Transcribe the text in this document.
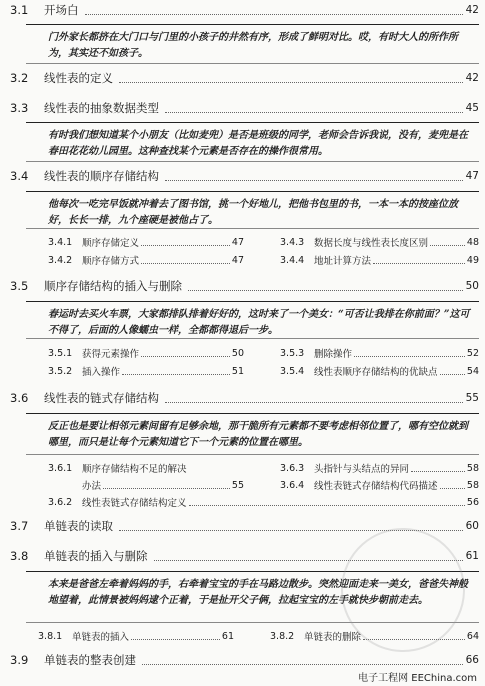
3.1	开场白	42
门外家长都挤在大门口与门里的小孩子的井然有序，形成了鲜明对比。哎，有时大人的所作所为，其实还不如孩子。
3.2	线性表的定义	42
3.3	线性表的抽象数据类型	45
有时我们想知道某个小朋友（比如麦兜）是否是班级的同学，老师会告诉我说，没有，麦兜是在春田花花幼儿园里。这种查找某个元素是否存在的操作很常用。
3.4	线性表的顺序存储结构	47
他每次一吃完早饭就冲着去了图书馆，挑一个好地儿，把他书包里的书，一本一本的按座位放好，长长一排，九个座硬是被他占了。
3.4.1	顺序存储定义	47	3.4.3	数据长度与线性表长度区别	48
3.4.2	顺序存储方式	47	3.4.4	地址计算方法	49
3.5	顺序存储结构的插入与删除	50
春运时去买火车票，大家都排队排着好好的，这时来了一个美女：“可否让我排在你前面？”这可不得了，后面的人像蠕虫一样，全都都得退后一步。
3.5.1	获得元素操作	50	3.5.3	删除操作	52
3.5.2	插入操作	51	3.5.4	线性表顺序存储结构的优缺点	54
3.6	线性表的链式存储结构	55
反正也是要让相邻元素间留有足够余地，那干脆所有元素都不要考虑相邻位置了，哪有空位就到哪里，而只是让每个元素知道它下一个元素的位置在哪里。
3.6.1	顺序存储结构不足的解决	3.6.3	头指针与头结点的异同	58
办法	55	3.6.4	线性表链式存储结构代码描述	58
3.6.2	线性表链式存储结构定义	56
3.7	单链表的读取	60
3.8	单链表的插入与删除	61
本来是爸爸左牵着妈妈的手，右牵着宝宝的手在马路边散步。突然迎面走来一美女，爸爸失神般地望着，此情景被妈妈逮个正着，于是扯开父子俩，拉起宝宝的左手就快步朝前走去。
3.8.1	单链表的插入	61	3.8.2	单链表的删除	64
3.9	单链表的整表创建	66
电子工程网 EEChina.com
